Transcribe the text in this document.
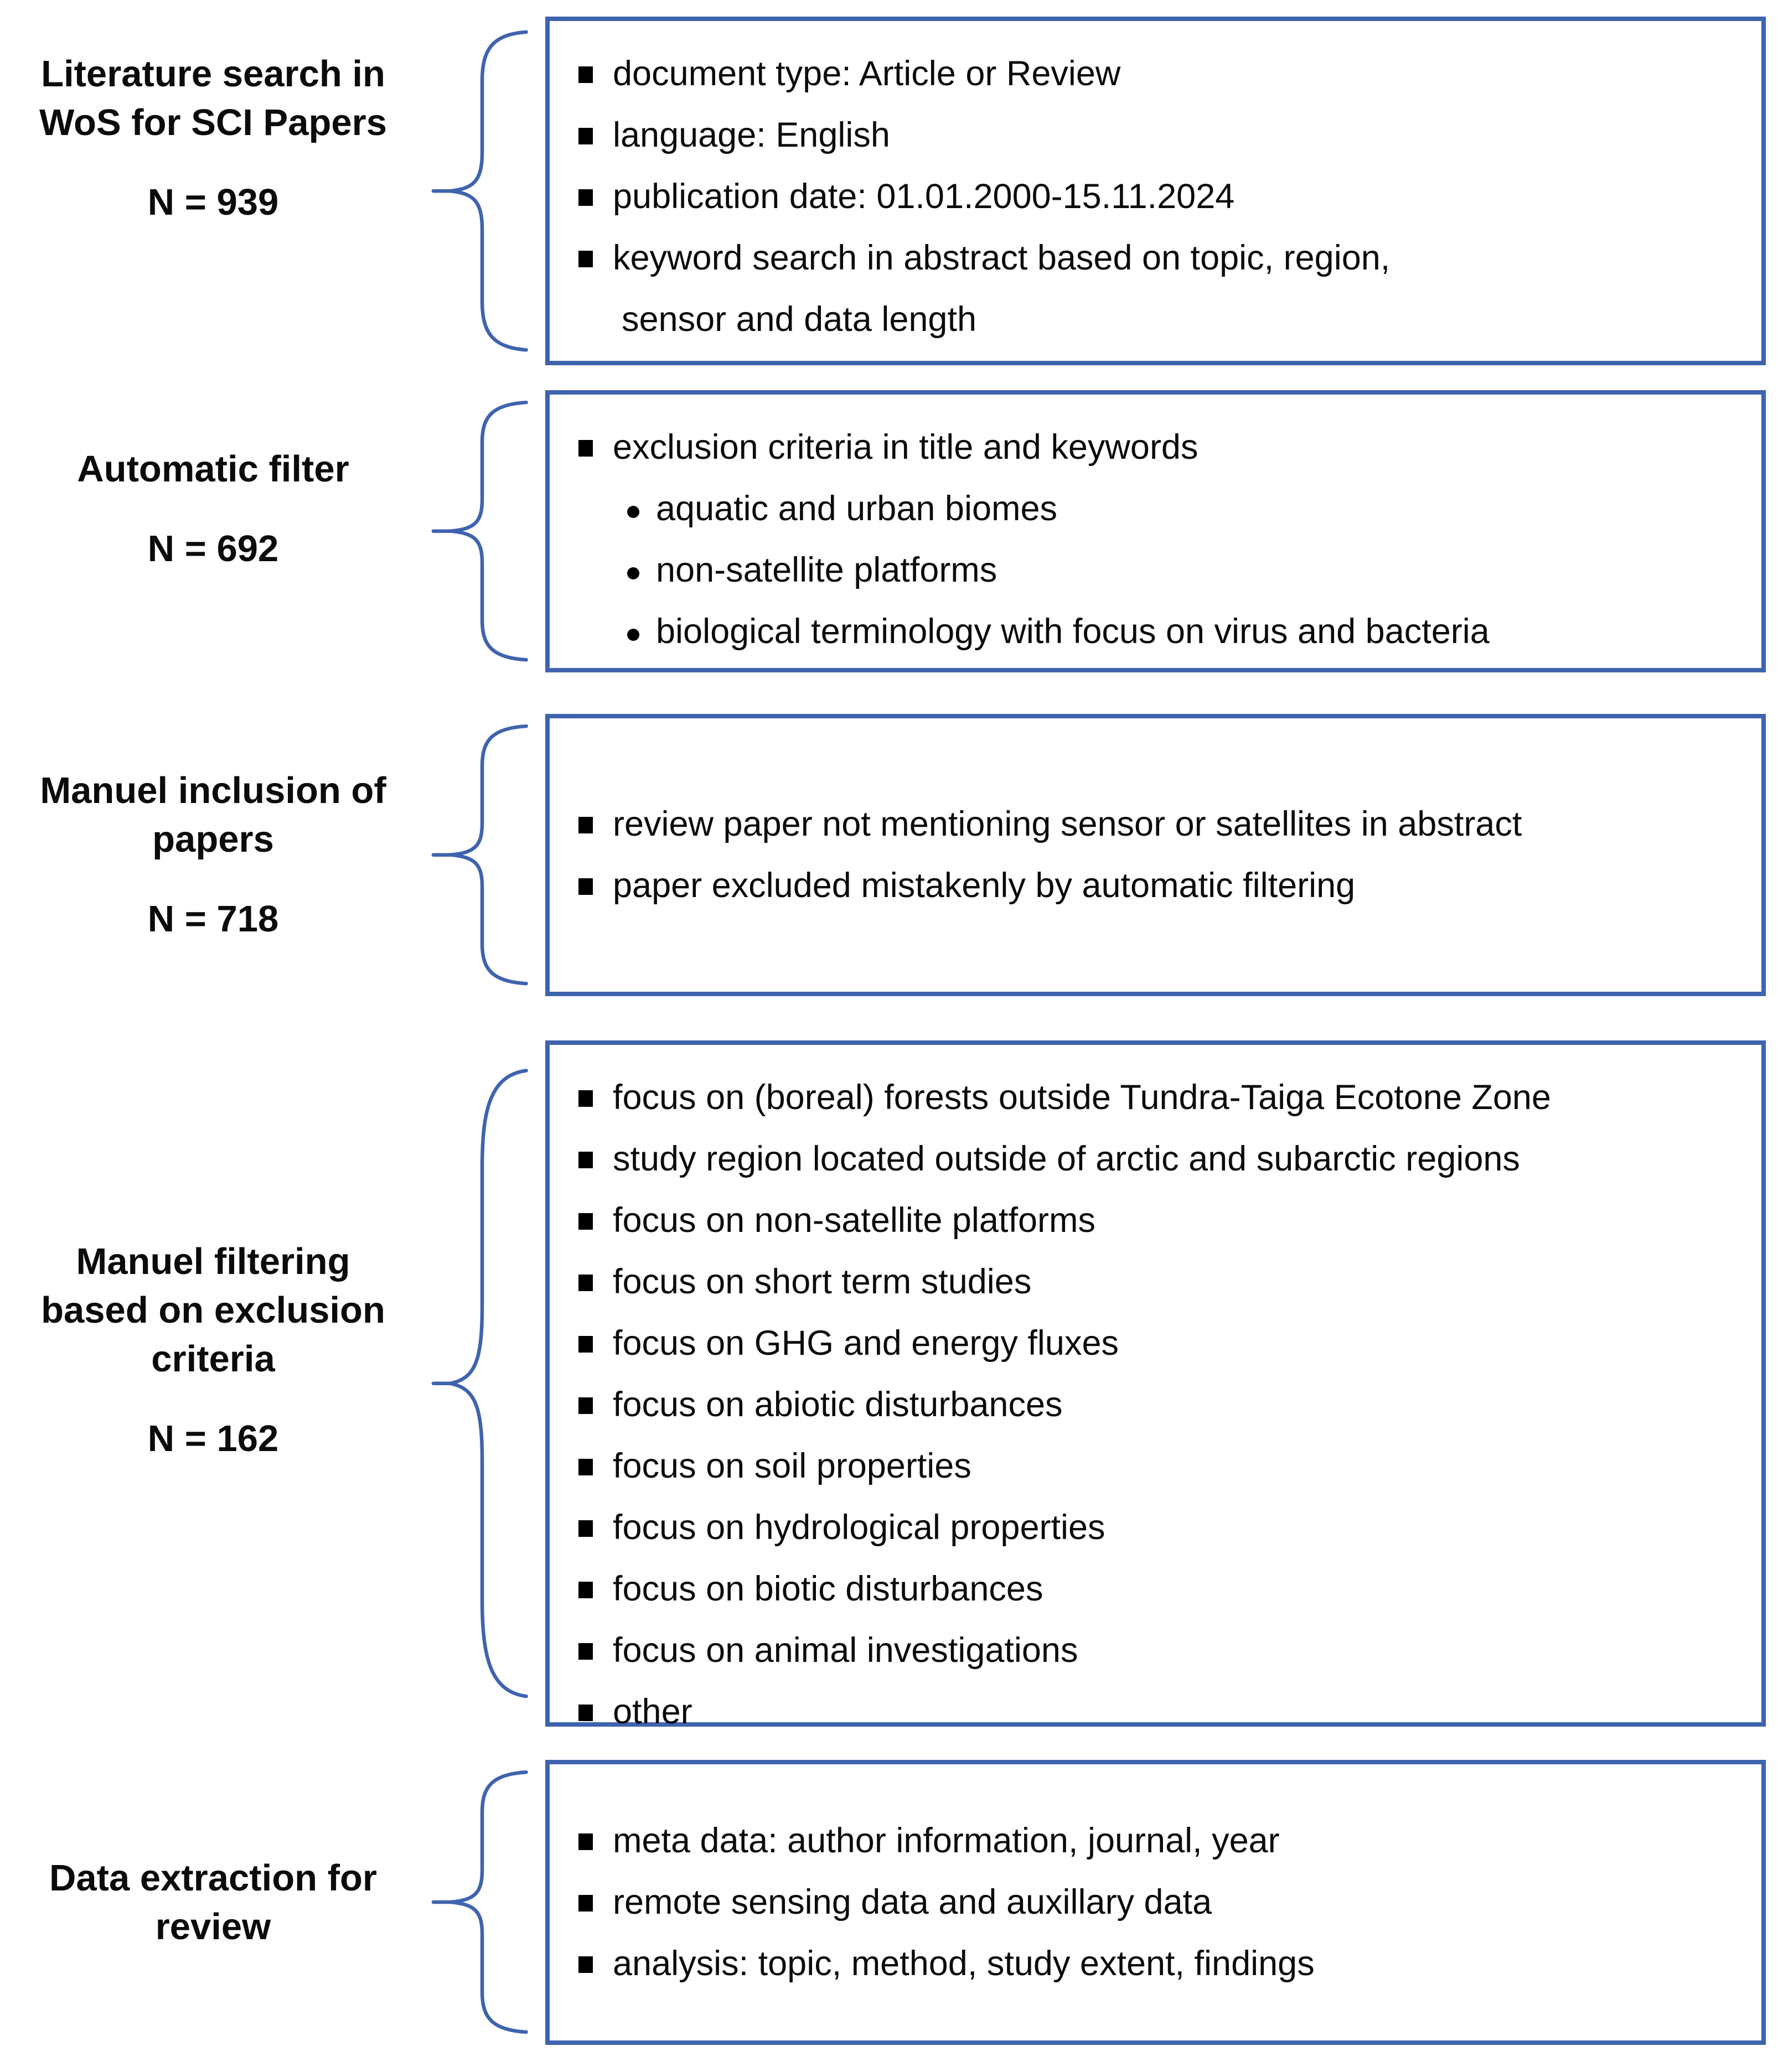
Literature search in
WoS for SCI Papers
N = 939
document type: Article or Review
language: English
publication date: 01.01.2000-15.11.2024
keyword search in abstract based on topic, region,
sensor and data length
Automatic filter
N = 692
exclusion criteria in title and keywords
aquatic and urban biomes
non-satellite platforms
biological terminology with focus on virus and bacteria
Manuel inclusion of
papers
N = 718
review paper not mentioning sensor or satellites in abstract
paper excluded mistakenly by automatic filtering
Manuel filtering
based on exclusion
criteria
N = 162
focus on (boreal) forests outside Tundra-Taiga Ecotone Zone
study region located outside of arctic and subarctic regions
focus on non-satellite platforms
focus on short term studies
focus on GHG and energy fluxes
focus on abiotic disturbances
focus on soil properties
focus on hydrological properties
focus on biotic disturbances
focus on animal investigations
other
Data extraction for
review
meta data: author information, journal, year
remote sensing data and auxillary data
analysis: topic, method, study extent, findings
